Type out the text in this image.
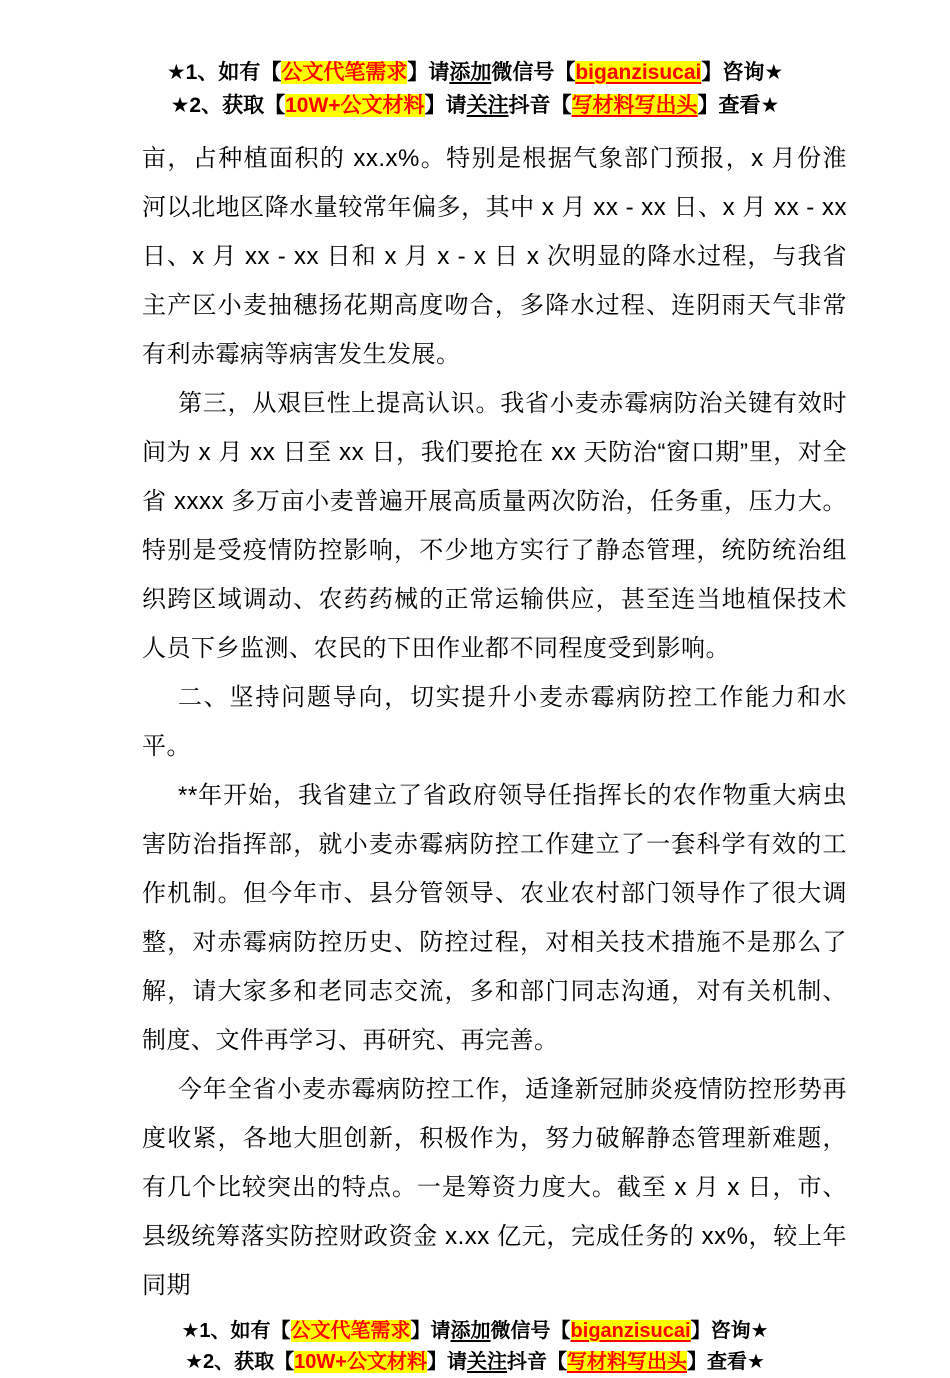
★1、如有【公文代笔需求】请添加微信号【biganzisucai】咨询★
★2、获取【10W+公文材料】请关注抖音【写材料写出头】查看★

亩，占种植面积的 xx.x%。特别是根据气象部门预报，x 月份淮河以北地区降水量较常年偏多，其中 x 月 xx - xx 日、x 月 xx - xx 日、x 月 xx - xx 日和 x 月 x - x 日 x 次明显的降水过程，与我省主产区小麦抽穗扬花期高度吻合，多降水过程、连阴雨天气非常有利赤霉病等病害发生发展。

第三，从艰巨性上提高认识。我省小麦赤霉病防治关键有效时间为 x 月 xx 日至 xx 日，我们要抢在 xx 天防治“窗口期”里，对全省 xxxx 多万亩小麦普遍开展高质量两次防治，任务重，压力大。特别是受疫情防控影响，不少地方实行了静态管理，统防统治组织跨区域调动、农药药械的正常运输供应，甚至连当地植保技术人员下乡监测、农民的下田作业都不同程度受到影响。

二、坚持问题导向，切实提升小麦赤霉病防控工作能力和水平。

**年开始，我省建立了省政府领导任指挥长的农作物重大病虫害防治指挥部，就小麦赤霉病防控工作建立了一套科学有效的工作机制。但今年市、县分管领导、农业农村部门领导作了很大调整，对赤霉病防控历史、防控过程，对相关技术措施不是那么了解，请大家多和老同志交流，多和部门同志沟通，对有关机制、制度、文件再学习、再研究、再完善。

今年全省小麦赤霉病防控工作，适逢新冠肺炎疫情防控形势再度收紧，各地大胆创新，积极作为，努力破解静态管理新难题，有几个比较突出的特点。一是筹资力度大。截至 x 月 x 日，市、县级统筹落实防控财政资金 x.xx 亿元，完成任务的 xx%，较上年同期

★1、如有【公文代笔需求】请添加微信号【biganzisucai】咨询★
★2、获取【10W+公文材料】请关注抖音【写材料写出头】查看★
